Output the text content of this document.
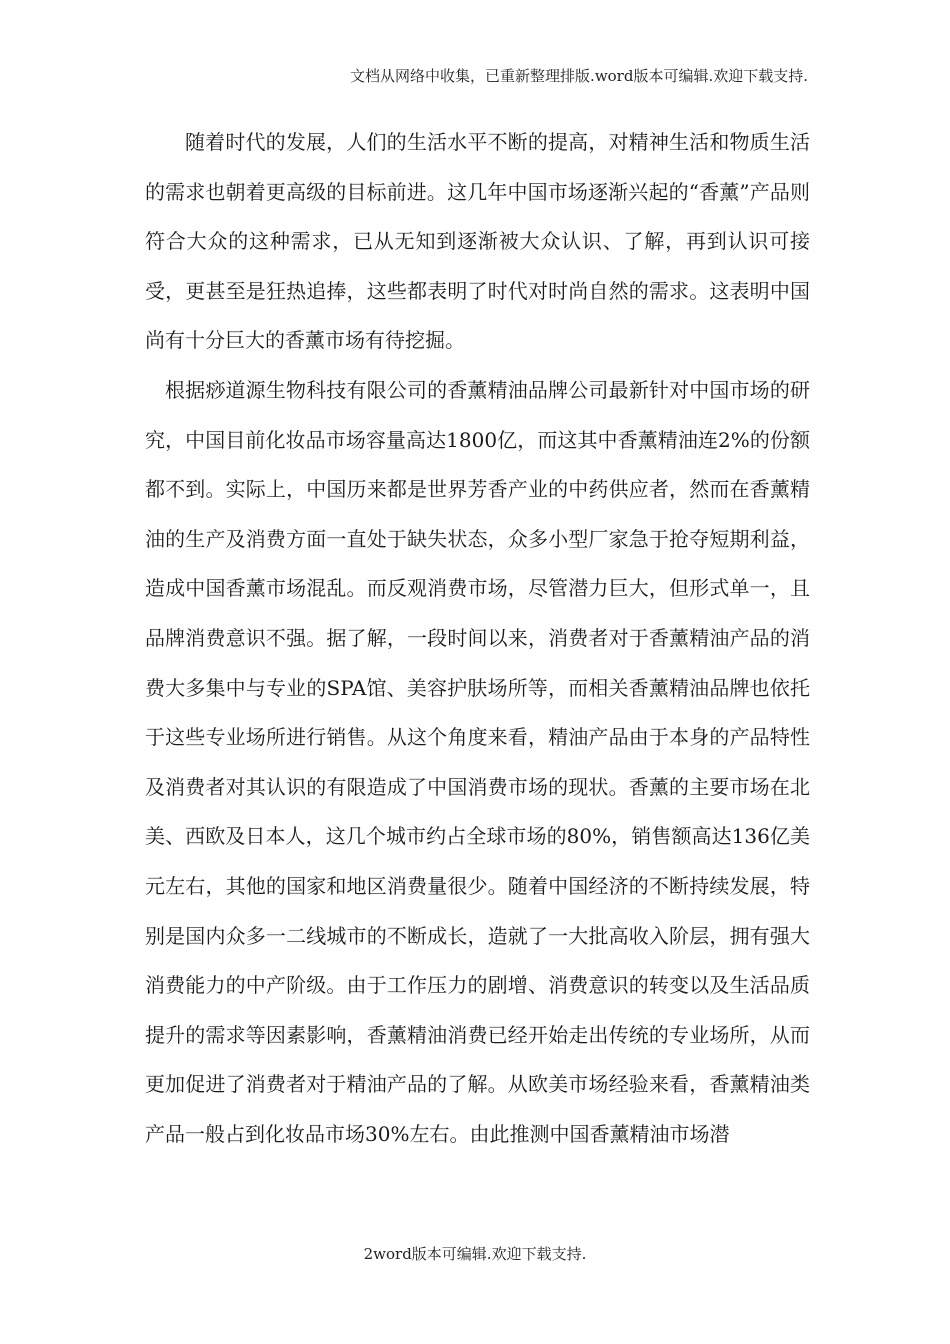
文档从网络中收集，已重新整理排版.word版本可编辑.欢迎下载支持.

随着时代的发展，人们的生活水平不断的提高，对精神生活和物质生活的需求也朝着更高级的目标前进。这几年中国市场逐渐兴起的“香薰”产品则符合大众的这种需求，已从无知到逐渐被大众认识、了解，再到认识可接受，更甚至是狂热追捧，这些都表明了时代对时尚自然的需求。这表明中国尚有十分巨大的香薰市场有待挖掘。

根据痧道源生物科技有限公司的香薰精油品牌公司最新针对中国市场的研究，中国目前化妆品市场容量高达1800亿，而这其中香薰精油连2%的份额都不到。实际上，中国历来都是世界芳香产业的中药供应者，然而在香薰精油的生产及消费方面一直处于缺失状态，众多小型厂家急于抢夺短期利益，造成中国香薰市场混乱。而反观消费市场，尽管潜力巨大，但形式单一，且品牌消费意识不强。据了解，一段时间以来，消费者对于香薰精油产品的消费大多集中与专业的SPA馆、美容护肤场所等，而相关香薰精油品牌也依托于这些专业场所进行销售。从这个角度来看，精油产品由于本身的产品特性及消费者对其认识的有限造成了中国消费市场的现状。香薰的主要市场在北美、西欧及日本人，这几个城市约占全球市场的80%，销售额高达136亿美元左右，其他的国家和地区消费量很少。随着中国经济的不断持续发展，特别是国内众多一二线城市的不断成长，造就了一大批高收入阶层，拥有强大消费能力的中产阶级。由于工作压力的剧增、消费意识的转变以及生活品质提升的需求等因素影响，香薰精油消费已经开始走出传统的专业场所，从而更加促进了消费者对于精油产品的了解。从欧美市场经验来看，香薰精油类产品一般占到化妆品市场30%左右。由此推测中国香薰精油市场潜

2word版本可编辑.欢迎下载支持.
